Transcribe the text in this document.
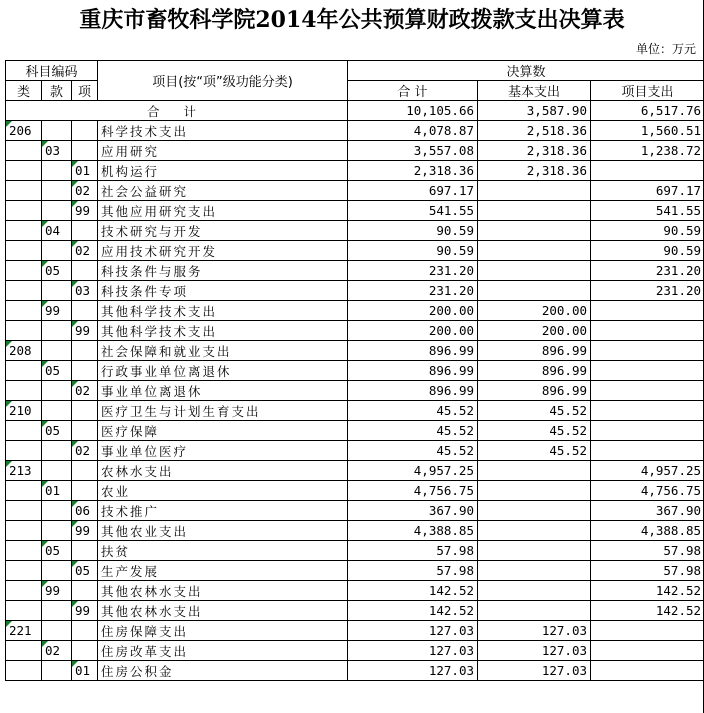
重庆市畜牧科学院2014年公共预算财政拨款支出决算表
单位：万元
科目编码			项目(按“项”级功能分类)	决算数		
类	款	项		合 计	基本支出	项目支出
合 计				10,105.66	3,587.90	6,517.76
206			科学技术支出	4,078.87	2,518.36	1,560.51
	03		应用研究	3,557.08	2,318.36	1,238.72
		01	机构运行	2,318.36	2,318.36	
		02	社会公益研究	697.17		697.17
		99	其他应用研究支出	541.55		541.55
	04		技术研究与开发	90.59		90.59
		02	应用技术研究开发	90.59		90.59
	05		科技条件与服务	231.20		231.20
		03	科技条件专项	231.20		231.20
	99		其他科学技术支出	200.00	200.00	
		99	其他科学技术支出	200.00	200.00	
208			社会保障和就业支出	896.99	896.99	
	05		行政事业单位离退休	896.99	896.99	
		02	事业单位离退休	896.99	896.99	
210			医疗卫生与计划生育支出	45.52	45.52	
	05		医疗保障	45.52	45.52	
		02	事业单位医疗	45.52	45.52	
213			农林水支出	4,957.25		4,957.25
	01		农业	4,756.75		4,756.75
		06	技术推广	367.90		367.90
		99	其他农业支出	4,388.85		4,388.85
	05		扶贫	57.98		57.98
		05	生产发展	57.98		57.98
	99		其他农林水支出	142.52		142.52
		99	其他农林水支出	142.52		142.52
221			住房保障支出	127.03	127.03	
	02		住房改革支出	127.03	127.03	
		01	住房公积金	127.03	127.03	
